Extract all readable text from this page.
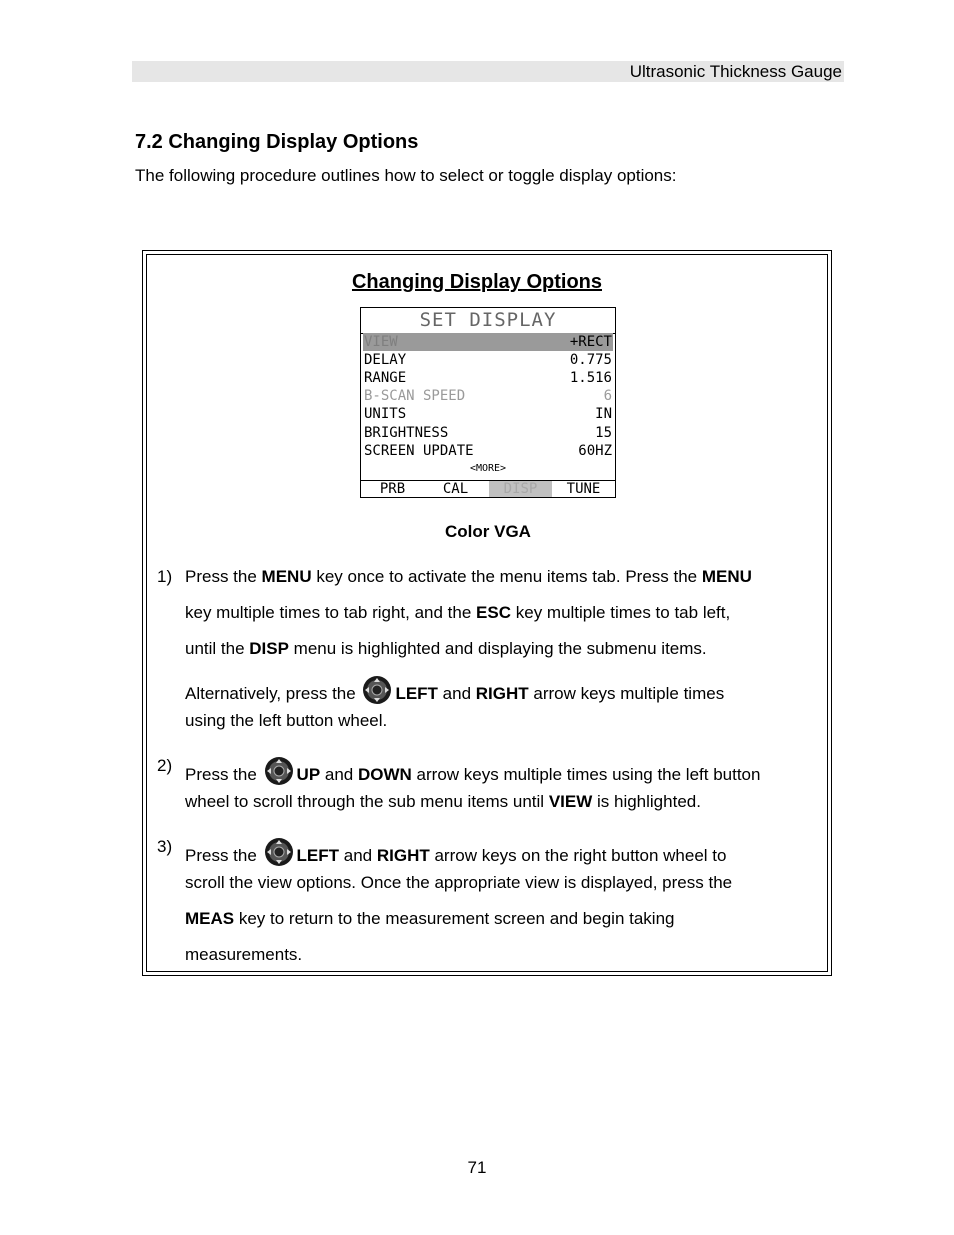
Ultrasonic Thickness Gauge
7.2 Changing Display Options
The following procedure outlines how to select or toggle display options:
Changing Display Options
SET DISPLAY
VIEW	+RECT
DELAY	0.775
RANGE	1.516
B-SCAN SPEED	6
UNITS	IN
BRIGHTNESS	15
SCREEN UPDATE	60HZ
<MORE>
PRB	CAL	DISP	TUNE
Color VGA
1) Press the MENU key once to activate the menu items tab. Press the MENU
key multiple times to tab right, and the ESC key multiple times to tab left,
until the DISP menu is highlighted and displaying the submenu items.
Alternatively, press the LEFT and RIGHT arrow keys multiple times
using the left button wheel.
2) Press the UP and DOWN arrow keys multiple times using the left button
wheel to scroll through the sub menu items until VIEW is highlighted.
3) Press the LEFT and RIGHT arrow keys on the right button wheel to
scroll the view options. Once the appropriate view is displayed, press the
MEAS key to return to the measurement screen and begin taking
measurements.
71
